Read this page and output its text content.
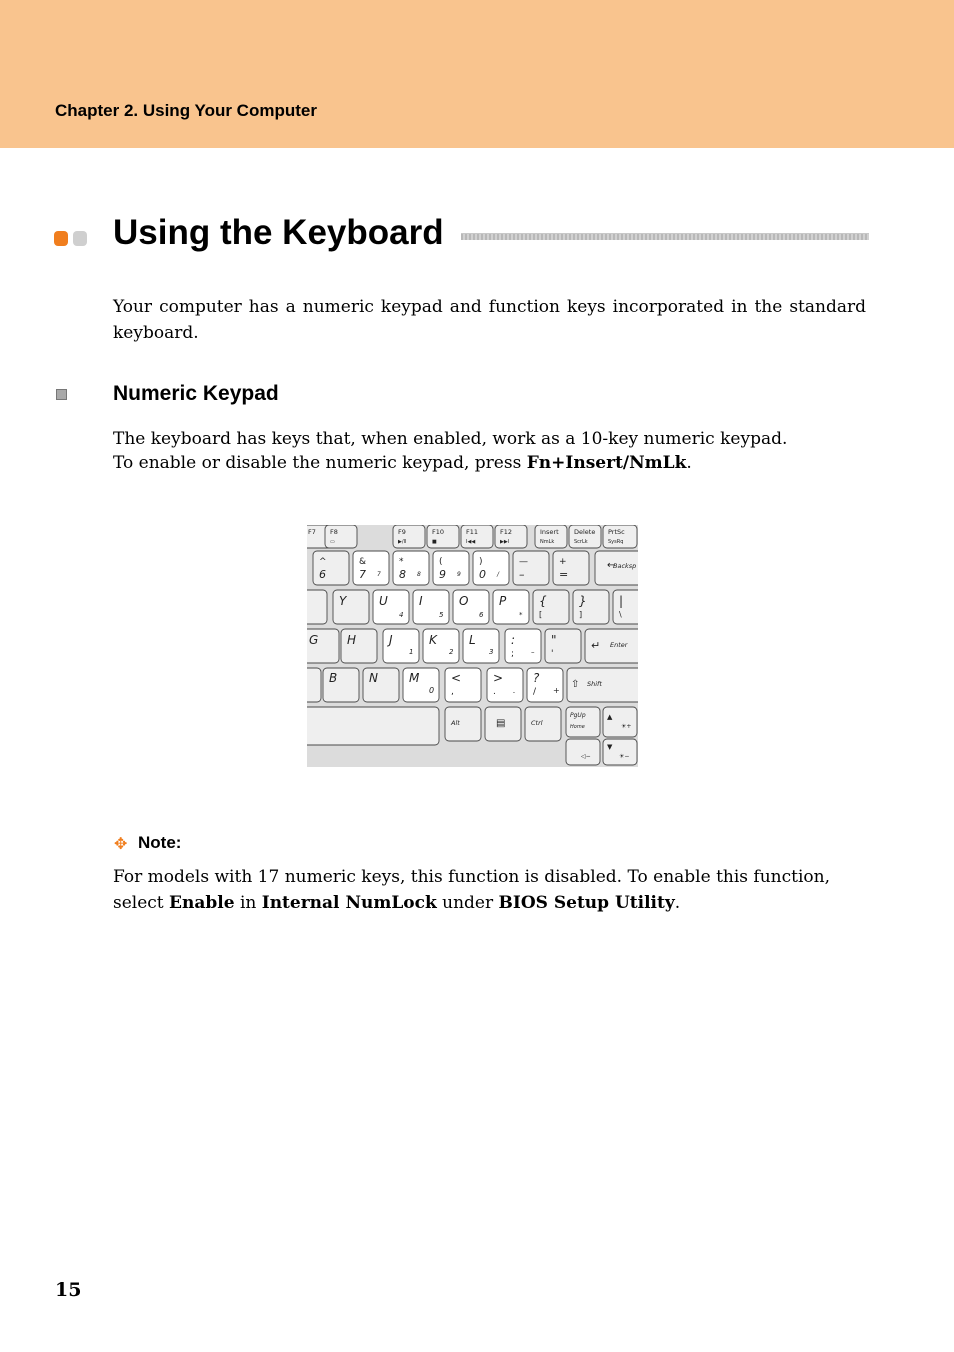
Chapter 2. Using Your Computer
Using the Keyboard
Your computer has a numeric keypad and function keys incorporated in the standard keyboard.
Numeric Keypad
The keyboard has keys that, when enabled, work as a 10-key numeric keypad.
To enable or disable the numeric keypad, press Fn+Insert/NmLk.
F7 F8
▭
F9
▶/II
F10
■
F11
I◀◀
F12
▶▶I
Insert
NmLk
Delete
ScrLk
PrtSc
SysRq
^
6
&
7 7
*
8 8
(
9 9
)
0 /
—
–
+
=
←
Backsp
Y	U
4
I
5
O
6
P
*
{
[
}
]
|
\
G H	J
1
K
2
L
3
:
; –
"
'
↵ Enter
B	N	M
0
<
,
>
. .
?
/ +
⇧ Shift
Alt	▤	Ctrl
PgUp
Home
▲
☀+
◁−
▼
☀−
✥ Note:
For models with 17 numeric keys, this function is disabled. To enable this function, select Enable in Internal NumLock under BIOS Setup Utility.
15
